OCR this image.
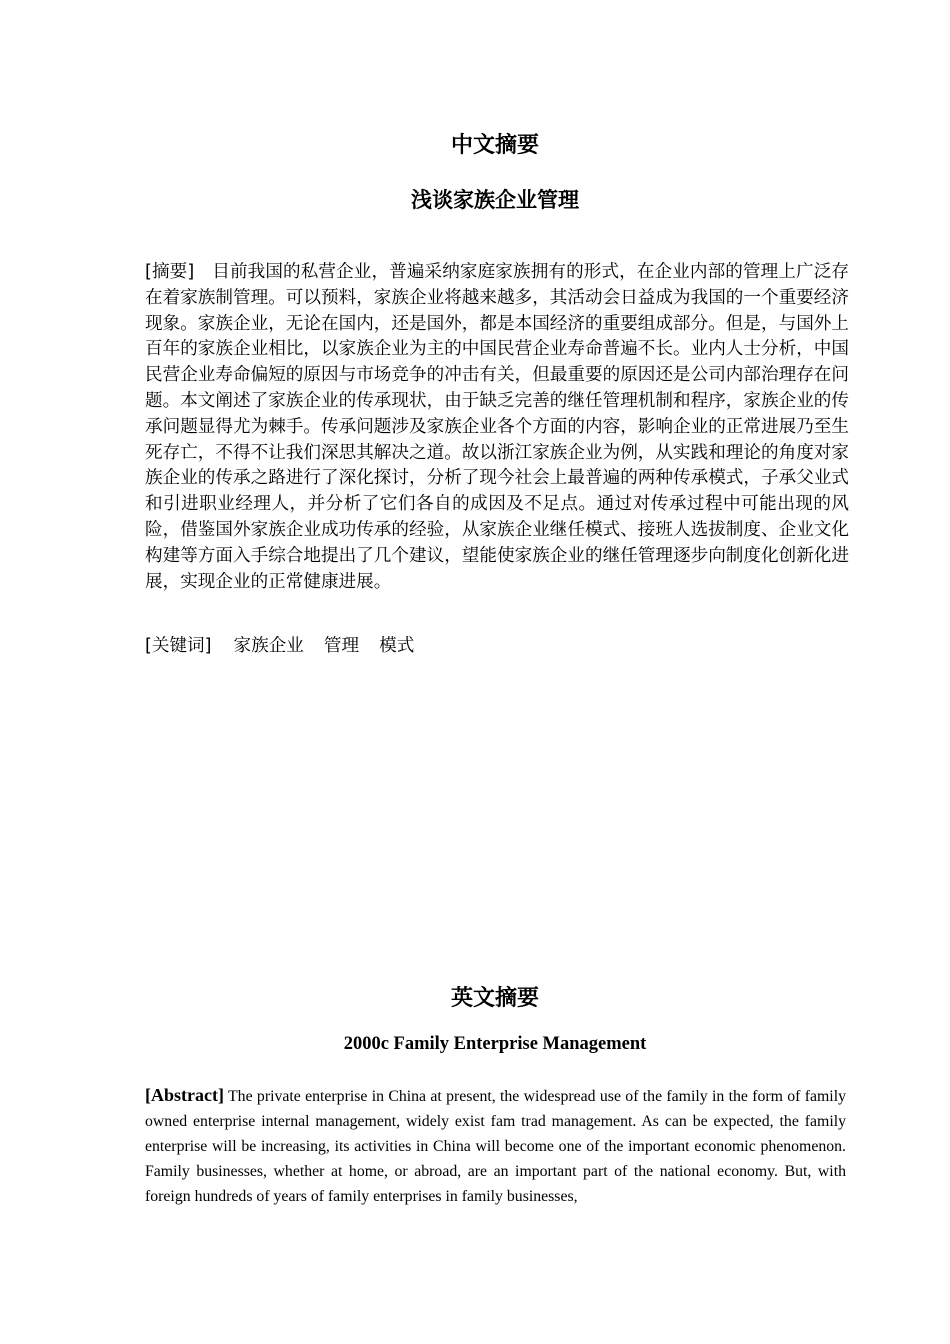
中文摘要
浅谈家族企业管理

[摘要] 目前我国的私营企业，普遍采纳家庭家族拥有的形式，在企业内部的管理上广泛存在着家族制管理。可以预料，家族企业将越来越多，其活动会日益成为我国的一个重要经济现象。家族企业，无论在国内，还是国外，都是本国经济的重要组成部分。但是，与国外上百年的家族企业相比，以家族企业为主的中国民营企业寿命普遍不长。业内人士分析，中国民营企业寿命偏短的原因与市场竞争的冲击有关，但最重要的原因还是公司内部治理存在问题。本文阐述了家族企业的传承现状，由于缺乏完善的继任管理机制和程序，家族企业的传承问题显得尤为棘手。传承问题涉及家族企业各个方面的内容，影响企业的正常进展乃至生死存亡，不得不让我们深思其解决之道。故以浙江家族企业为例，从实践和理论的角度对家族企业的传承之路进行了深化探讨，分析了现今社会上最普遍的两种传承模式，子承父业式和引进职业经理人，并分析了它们各自的成因及不足点。通过对传承过程中可能出现的风险，借鉴国外家族企业成功传承的经验，从家族企业继任模式、接班人选拔制度、企业文化构建等方面入手综合地提出了几个建议，望能使家族企业的继任管理逐步向制度化创新化进展，实现企业的正常健康进展。

[关键词] 家族企业 管理 模式

英文摘要
2000c Family Enterprise Management

[Abstract] The private enterprise in China at present, the widespread use of the family in the form of family owned enterprise internal management, widely exist fam trad management. As can be expected, the family enterprise will be increasing, its activities in China will become one of the important economic phenomenon. Family businesses, whether at home, or abroad, are an important part of the national economy. But, with foreign hundreds of years of family enterprises in family businesses,
